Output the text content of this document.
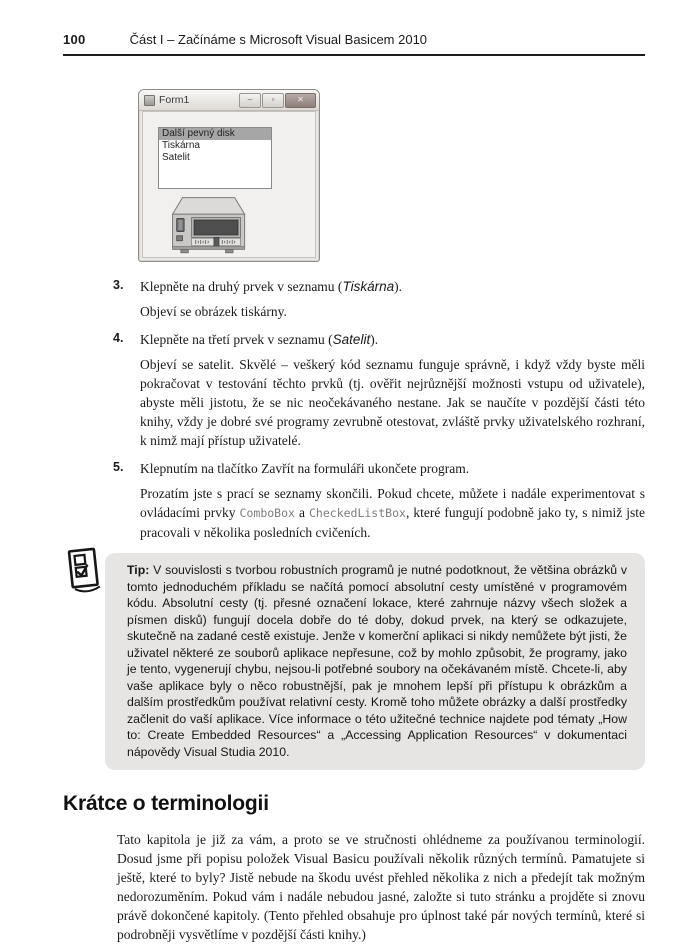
100	Část I – Začínáme s Microsoft Visual Basicem 2010
Form1	–	▫	✕
Další pevný disk
Tiskárna
Satelit
3. Klepněte na druhý prvek v seznamu (Tiskárna).
Objeví se obrázek tiskárny.
4. Klepněte na třetí prvek v seznamu (Satelit).
Objeví se satelit. Skvělé – veškerý kód seznamu funguje správně, i když vždy byste měli pokračovat v testování těchto prvků (tj. ověřit nejrůznější možnosti vstupu od uživatele), abyste měli jistotu, že se nic neočekávaného nestane. Jak se naučíte v pozdější části této knihy, vždy je dobré své programy zevrubně otestovat, zvláště prvky uživatelského rozhraní, k nimž mají přístup uživatelé.
5. Klepnutím na tlačítko Zavřít na formuláři ukončete program.
Prozatím jste s prací se seznamy skončili. Pokud chcete, můžete i nadále experimentovat s ovládacími prvky ComboBox a CheckedListBox, které fungují podobně jako ty, s nimiž jste pracovali v několika posledních cvičeních.
Tip: V souvislosti s tvorbou robustních programů je nutné podotknout, že většina obrázků v tomto jednoduchém příkladu se načítá pomocí absolutní cesty umístěné v programovém kódu. Absolutní cesty (tj. přesné označení lokace, které zahrnuje názvy všech složek a písmen disků) fungují docela dobře do té doby, dokud prvek, na který se odkazujete, skutečně na zadané cestě existuje. Jenže v komerční aplikaci si nikdy nemůžete být jisti, že uživatel některé ze souborů aplikace nepřesune, což by mohlo způsobit, že programy, jako je tento, vygenerují chybu, nejsou-li potřebné soubory na očekávaném místě. Chcete-li, aby vaše aplikace byly o něco robustnější, pak je mnohem lepší při přístupu k obrázkům a dalším prostředkům používat relativní cesty. Kromě toho můžete obrázky a další prostředky začlenit do vaší aplikace. Více informace o této užitečné technice najdete pod tématy „How to: Create Embedded Resources“ a „Accessing Application Resources“ v dokumentaci nápovědy Visual Studia 2010.
Krátce o terminologii

Tato kapitola je již za vám, a proto se ve stručnosti ohlédneme za používanou terminologií. Dosud jsme při popisu položek Visual Basicu používali několik různých termínů. Pamatujete si ještě, které to byly? Jistě nebude na škodu uvést přehled několika z nich a předejít tak možným nedorozuměním. Pokud vám i nadále nebudou jasné, založte si tuto stránku a projděte si znovu právě dokončené kapitoly. (Tento přehled obsahuje pro úplnost také pár nových termínů, které si podrobněji vysvětlíme v pozdější části knihy.)
